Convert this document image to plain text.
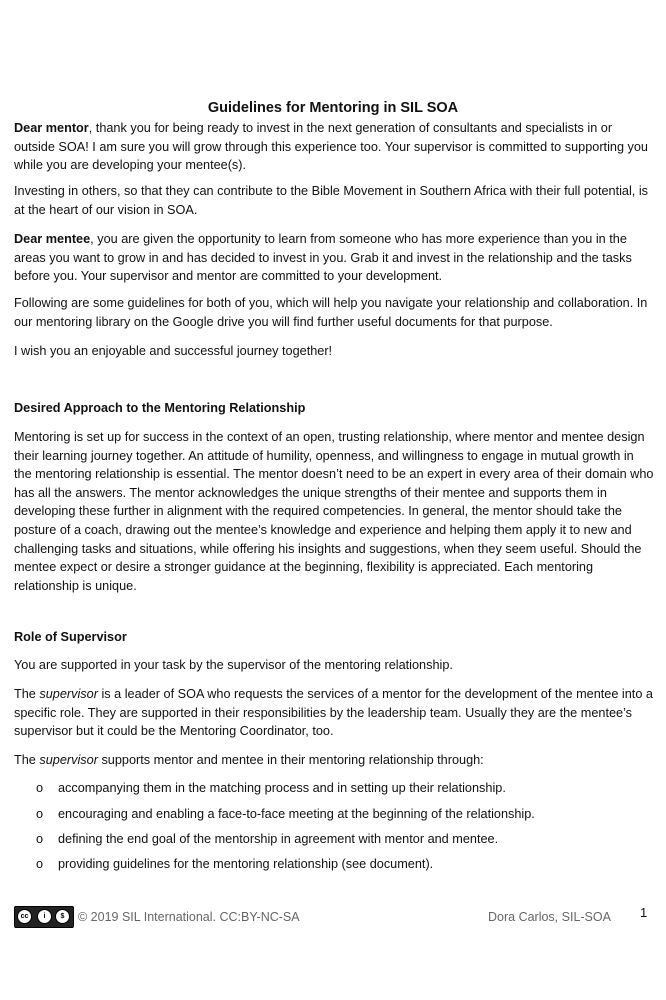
Guidelines for Mentoring in SIL SOA

Dear mentor, thank you for being ready to invest in the next generation of consultants and specialists in or outside SOA! I am sure you will grow through this experience too. Your supervisor is committed to supporting you while you are developing your mentee(s).

Investing in others, so that they can contribute to the Bible Movement in Southern Africa with their full potential, is at the heart of our vision in SOA.

Dear mentee, you are given the opportunity to learn from someone who has more experience than you in the areas you want to grow in and has decided to invest in you. Grab it and invest in the relationship and the tasks before you. Your supervisor and mentor are committed to your development.

Following are some guidelines for both of you, which will help you navigate your relationship and collaboration. In our mentoring library on the Google drive you will find further useful documents for that purpose.

I wish you an enjoyable and successful journey together!

Desired Approach to the Mentoring Relationship

Mentoring is set up for success in the context of an open, trusting relationship, where mentor and mentee design their learning journey together. An attitude of humility, openness, and willingness to engage in mutual growth in the mentoring relationship is essential. The mentor doesn’t need to be an expert in every area of their domain who has all the answers. The mentor acknowledges the unique strengths of their mentee and supports them in developing these further in alignment with the required competencies. In general, the mentor should take the posture of a coach, drawing out the mentee’s knowledge and experience and helping them apply it to new and challenging tasks and situations, while offering his insights and suggestions, when they seem useful. Should the mentee expect or desire a stronger guidance at the beginning, flexibility is appreciated. Each mentoring relationship is unique.

Role of Supervisor

You are supported in your task by the supervisor of the mentoring relationship.

The supervisor is a leader of SOA who requests the services of a mentor for the development of the mentee into a specific role. They are supported in their responsibilities by the leadership team. Usually they are the mentee’s supervisor but it could be the Mentoring Coordinator, too.

The supervisor supports mentor and mentee in their mentoring relationship through:

o accompanying them in the matching process and in setting up their relationship.
o encouraging and enabling a face-to-face meeting at the beginning of the relationship.
o defining the end goal of the mentorship in agreement with mentor and mentee.
o providing guidelines for the mentoring relationship (see document).
cc	i	$	© 2019 SIL International. CC:BY-NC-SA	Dora Carlos, SIL-SOA 1
